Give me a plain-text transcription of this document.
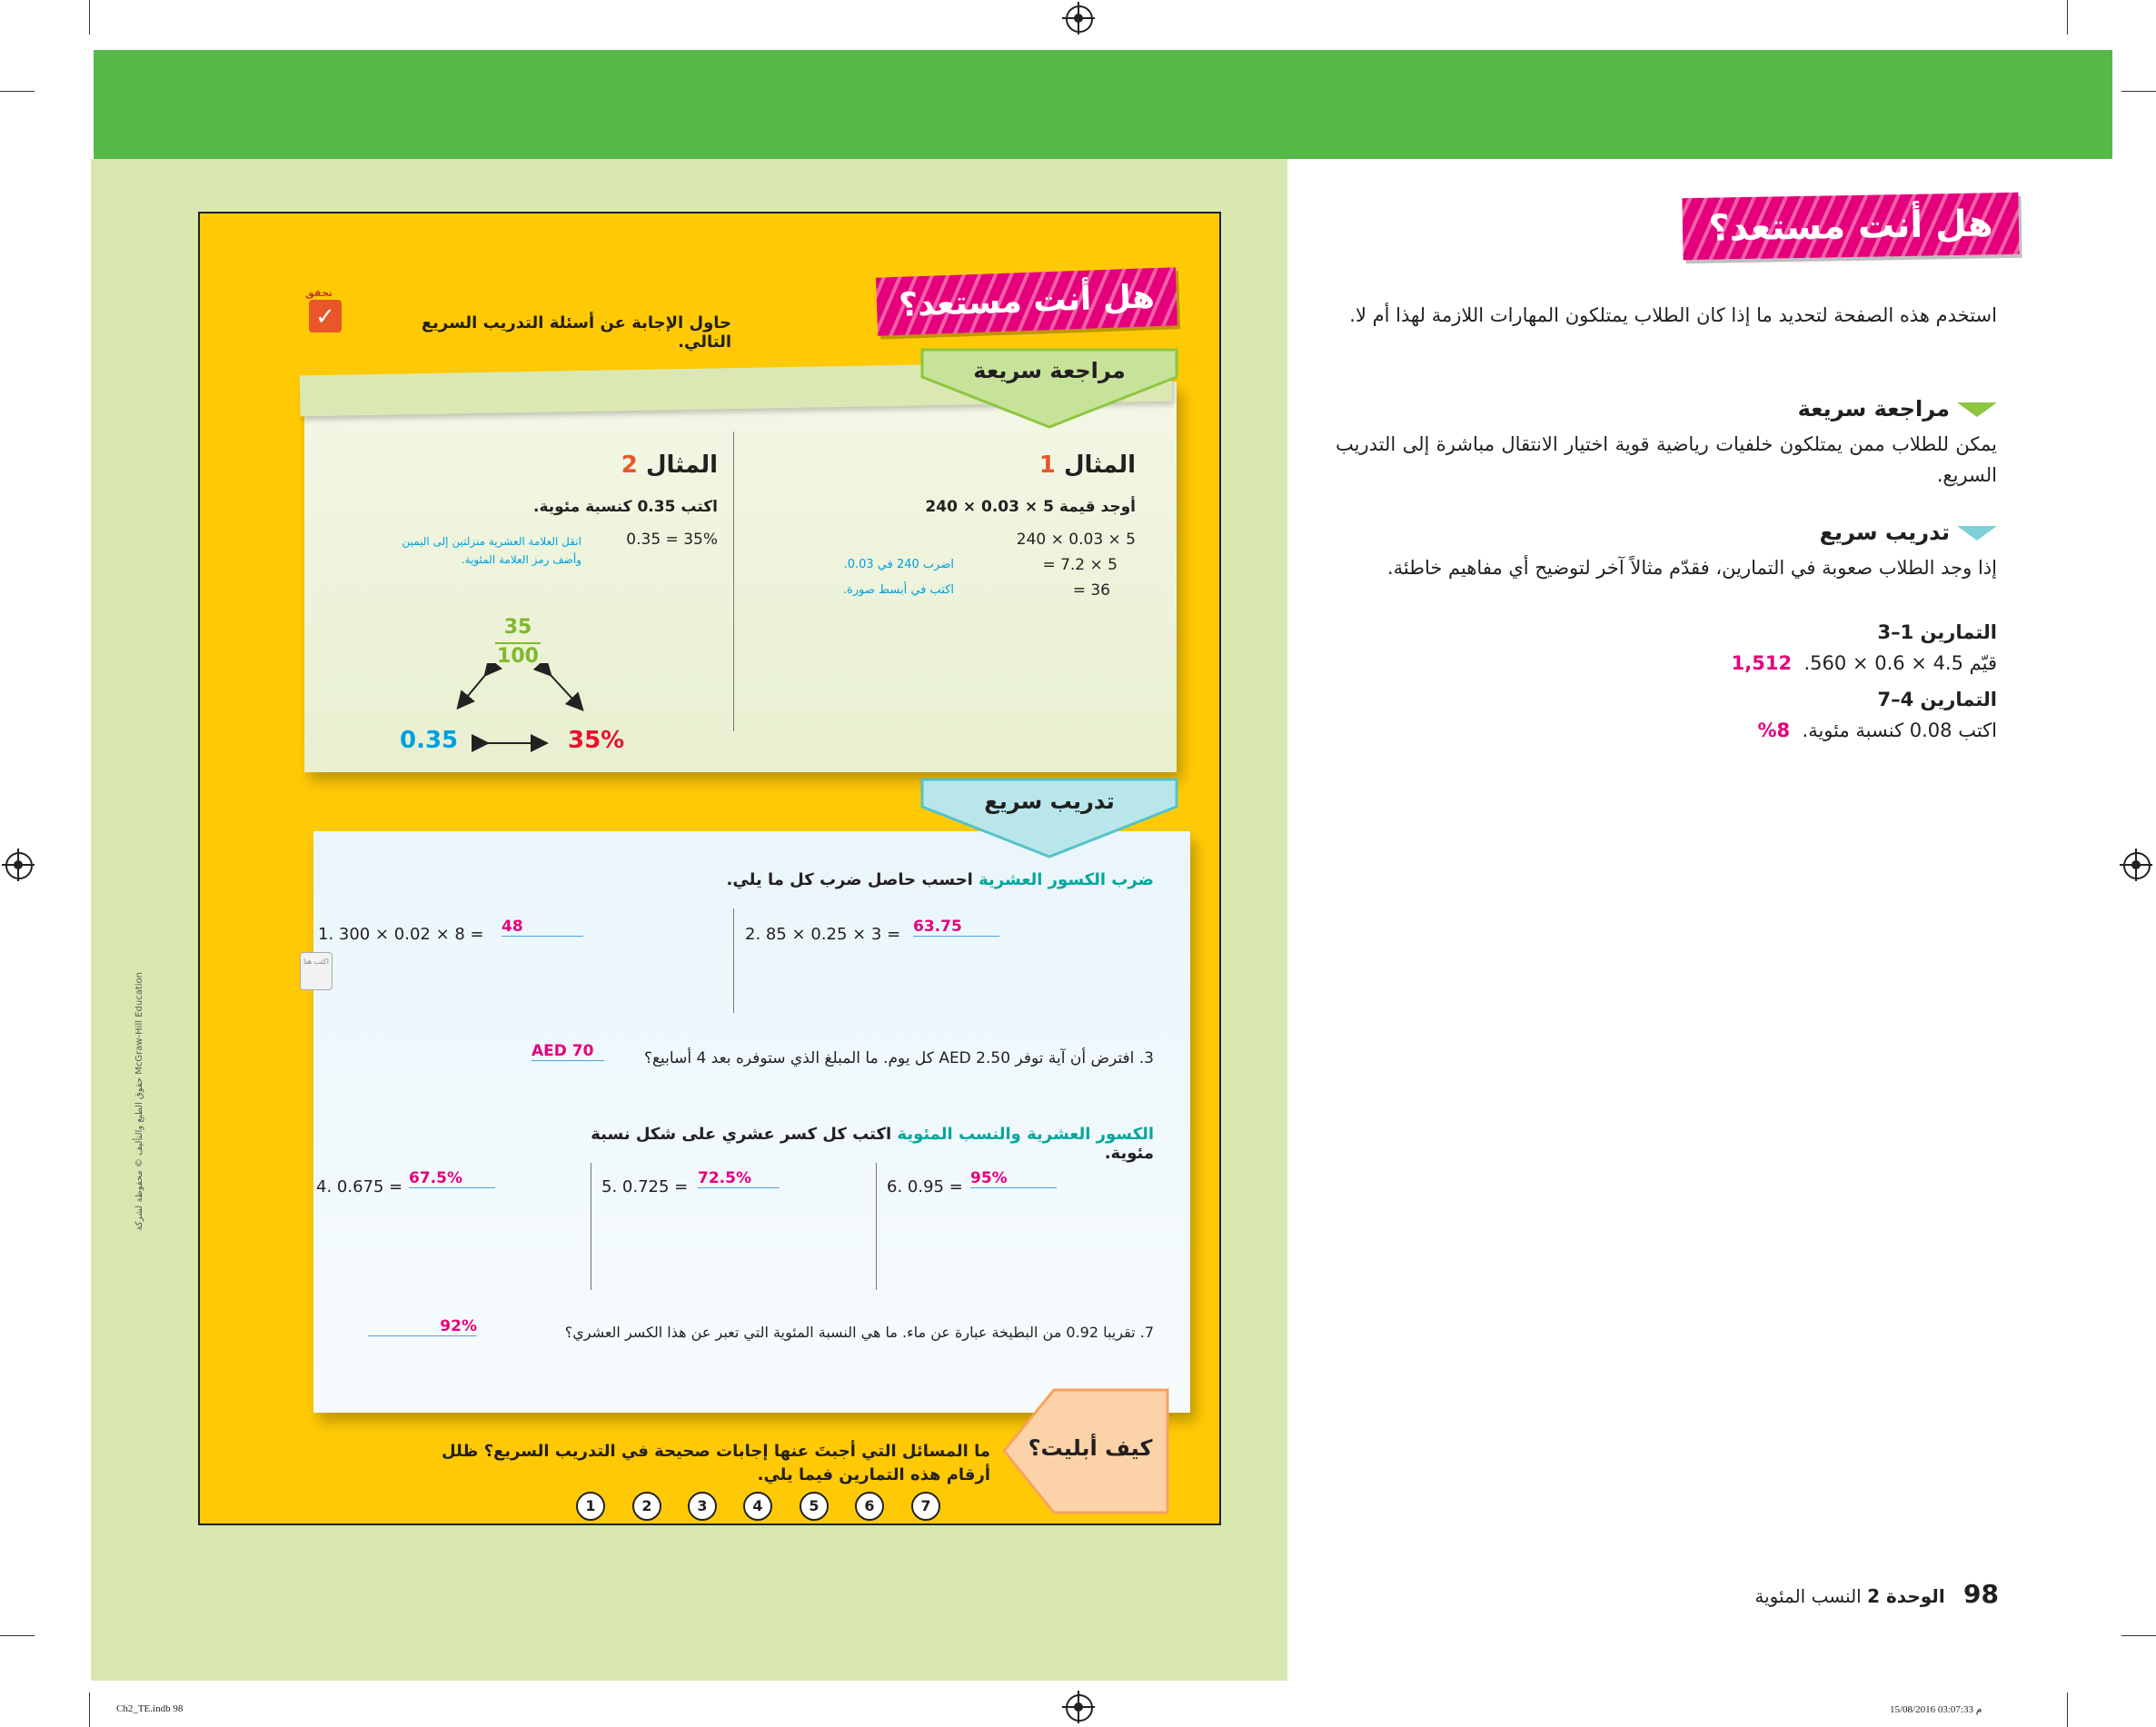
هل أنت مستعد؟
استخدم هذه الصفحة لتحديد ما إذا كان الطلاب يمتلكون المهارات اللازمة لهذا أم لا.
مراجعة سريعة
يمكن للطلاب ممن يمتلكون خلفيات رياضية قوية اختيار الانتقال مباشرة إلى التدريب السريع.
تدريب سريع
إذا وجد الطلاب صعوبة في التمارين، فقدّم مثالاً آخر لتوضيح أي مفاهيم خاطئة.
التمارين 1–3
قيّم 4.5 × 0.6 × 560.  1,512
التمارين 4–7
اكتب 0.08 كنسبة مئوية.  8%
98 الوحدة 2 النسب المئوية
Ch2_TE.indb 98	15/08/2016 03:07:33 م
McGraw-Hill Education حقوق الطبع والتأليف © محفوظة لشركة
هل أنت مستعد؟
✓
تحقق
حاول الإجابة عن أسئلة التدريب السريع التالي.
مراجعة سريعة
المثال 1
أوجد قيمة 5 × 0.03 × 240
240 × 0.03 × 5
= 7.2 × 5
= 36
اضرب 240 في 0.03.
اكتب في أبسط صورة.
المثال 2
اكتب 0.35 كنسبة مئوية.
0.35 = 35%
انقل العلامة العشرية منزلتين إلى اليمين وأضف رمز العلامة المئوية.
35
100
0.35	35%
تدريب سريع
ضرب الكسور العشرية احسب حاصل ضرب كل ما يلي.
1. 300 × 0.02 × 8 = 48	2. 85 × 0.25 × 3 = 63.75
اكتب هنا
3. افترض أن آية توفر AED 2.50 كل يوم. ما المبلغ الذي ستوفره بعد 4 أسابيع؟
AED 70
الكسور العشرية والنسب المئوية اكتب كل كسر عشري على شكل نسبة مئوية.
4. 0.675 = 67.5%	5. 0.725 = 72.5%	6. 0.95 = 95%
7. تقريبا 0.92 من البطيخة عبارة عن ماء. ما هي النسبة المئوية التي تعبر عن هذا الكسر العشري؟
92%
كيف أبليت؟
ما المسائل التي أجبتَ عنها إجابات صحيحة في التدريب السريع؟ ظلل أرقام هذه التمارين فيما يلي.
1	2	3	4	5	6	7
